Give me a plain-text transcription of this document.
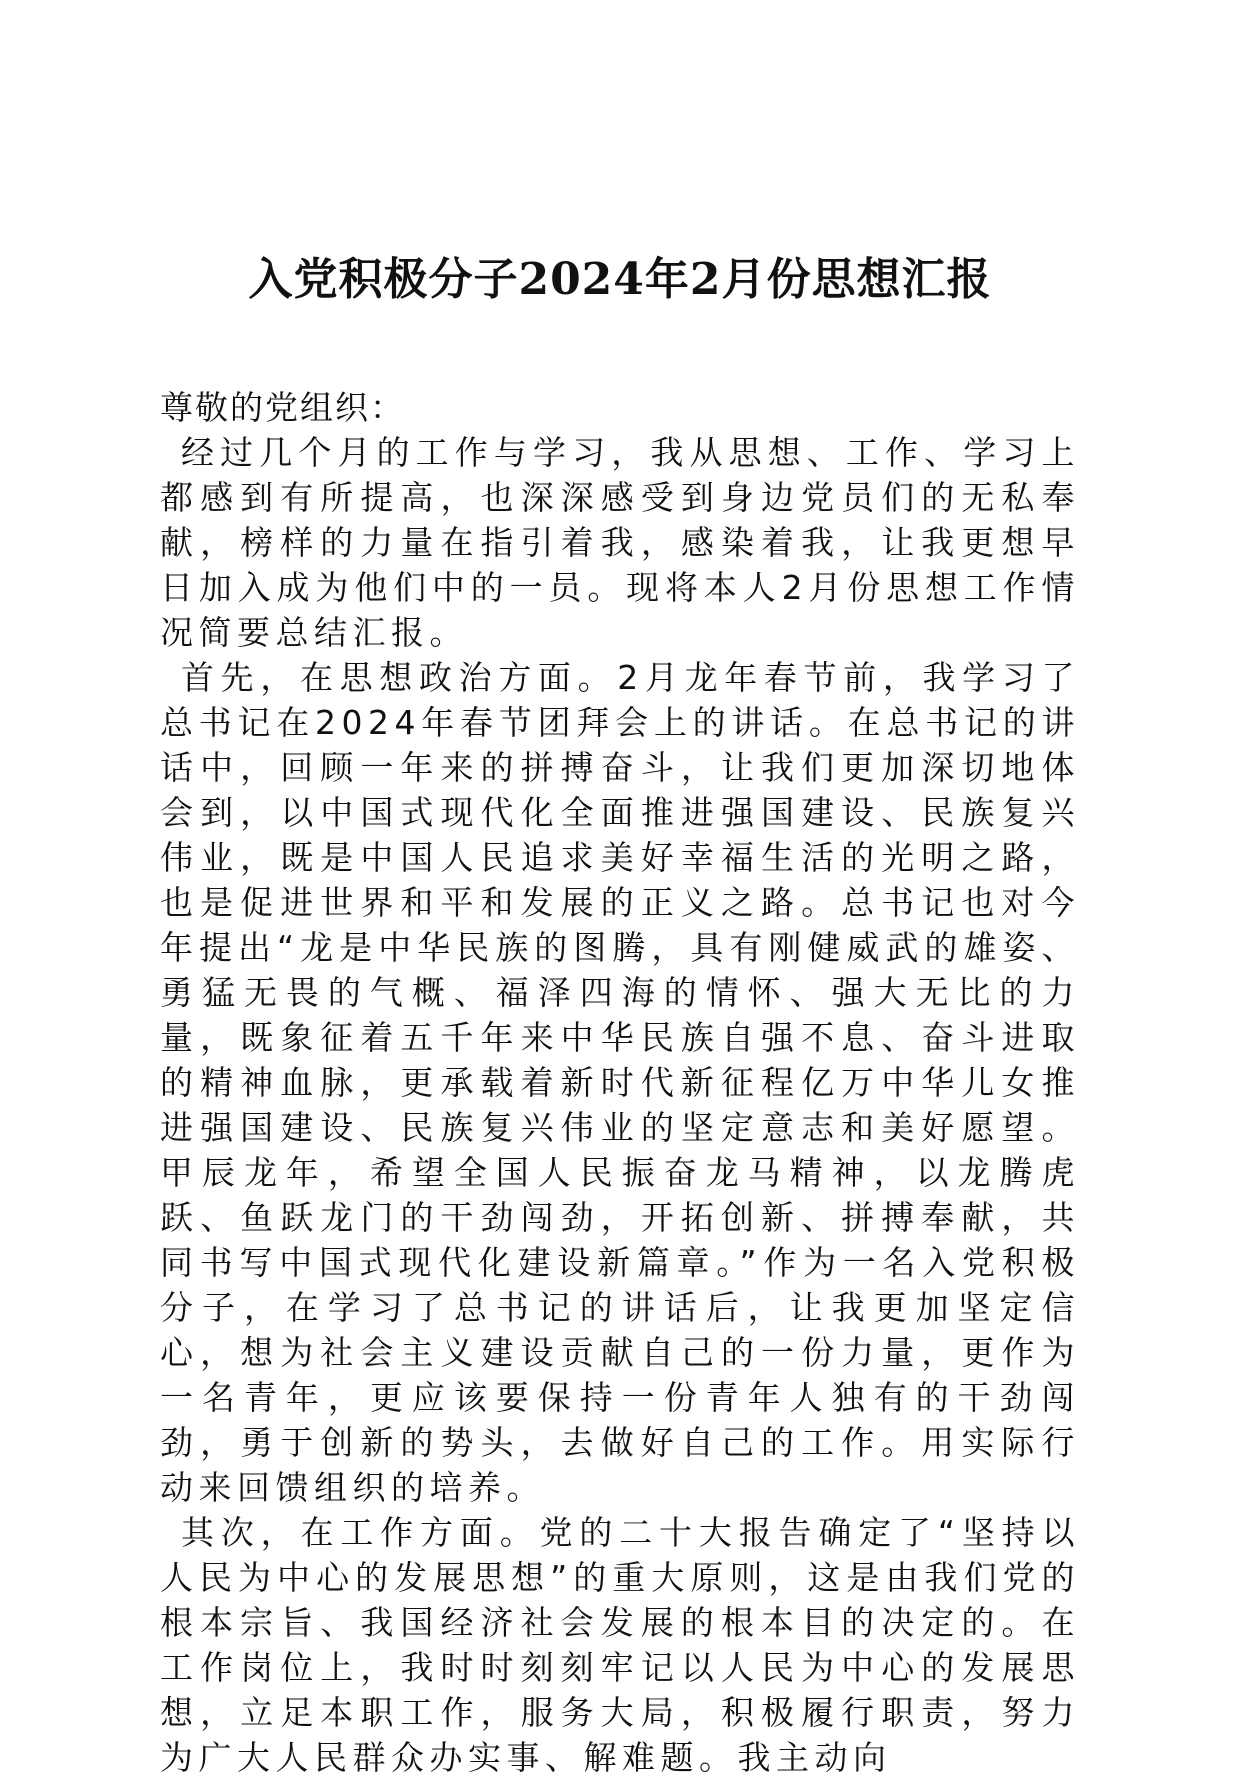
入党积极分子2024年2月份思想汇报

尊敬的党组织：

经过几个月的工作与学习，我从思想、工作、学习上都感到有所提高，也深深感受到身边党员们的无私奉献，榜样的力量在指引着我，感染着我，让我更想早日加入成为他们中的一员。现将本人2月份思想工作情况简要总结汇报。

首先，在思想政治方面。2月龙年春节前，我学习了总书记在2024年春节团拜会上的讲话。在总书记的讲话中，回顾一年来的拼搏奋斗，让我们更加深切地体会到，以中国式现代化全面推进强国建设、民族复兴伟业，既是中国人民追求美好幸福生活的光明之路，也是促进世界和平和发展的正义之路。总书记也对今年提出“龙是中华民族的图腾，具有刚健威武的雄姿、勇猛无畏的气概、福泽四海的情怀、强大无比的力量，既象征着五千年来中华民族自强不息、奋斗进取的精神血脉，更承载着新时代新征程亿万中华儿女推进强国建设、民族复兴伟业的坚定意志和美好愿望。甲辰龙年，希望全国人民振奋龙马精神，以龙腾虎跃、鱼跃龙门的干劲闯劲，开拓创新、拼搏奉献，共同书写中国式现代化建设新篇章。”作为一名入党积极分子，在学习了总书记的讲话后，让我更加坚定信心，想为社会主义建设贡献自己的一份力量，更作为一名青年，更应该要保持一份青年人独有的干劲闯劲，勇于创新的势头，去做好自己的工作。用实际行动来回馈组织的培养。

其次，在工作方面。党的二十大报告确定了“坚持以人民为中心的发展思想”的重大原则，这是由我们党的根本宗旨、我国经济社会发展的根本目的决定的。在工作岗位上，我时时刻刻牢记以人民为中心的发展思想，立足本职工作，服务大局，积极履行职责，努力为广大人民群众办实事、解难题。我主动向
